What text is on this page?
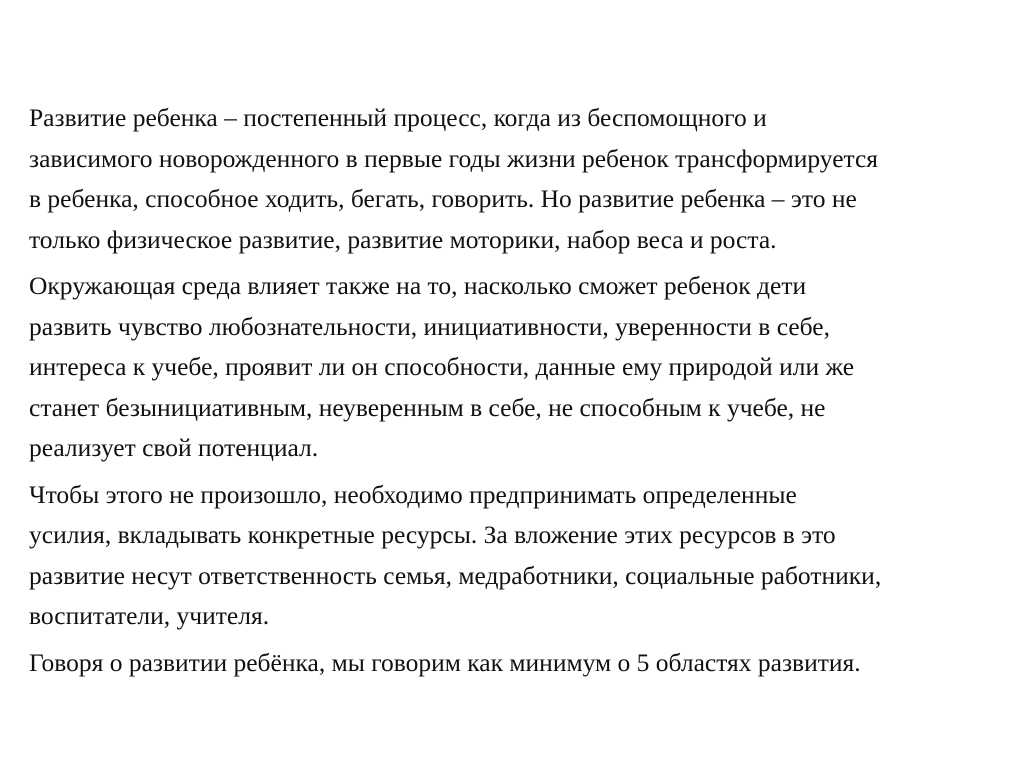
Развитие ребенка – постепенный процесс, когда из беспомощного и
зависимого новорожденного в первые годы жизни ребенок трансформируется
в ребенка, способное ходить, бегать, говорить. Но развитие ребенка – это не
только физическое развитие, развитие моторики, набор веса и роста.

Окружающая среда влияет также на то, насколько сможет ребенок дети
развить чувство любознательности, инициативности, уверенности в себе,
интереса к учебе, проявит ли он способности, данные ему природой или же
станет безынициативным, неуверенным в себе, не способным к учебе, не
реализует свой потенциал.

Чтобы этого не произошло, необходимо предпринимать определенные
усилия, вкладывать конкретные ресурсы. За вложение этих ресурсов в это
развитие несут ответственность семья, медработники, социальные работники,
воспитатели, учителя.

Говоря о развитии ребёнка, мы говорим как минимум о 5 областях развития.
